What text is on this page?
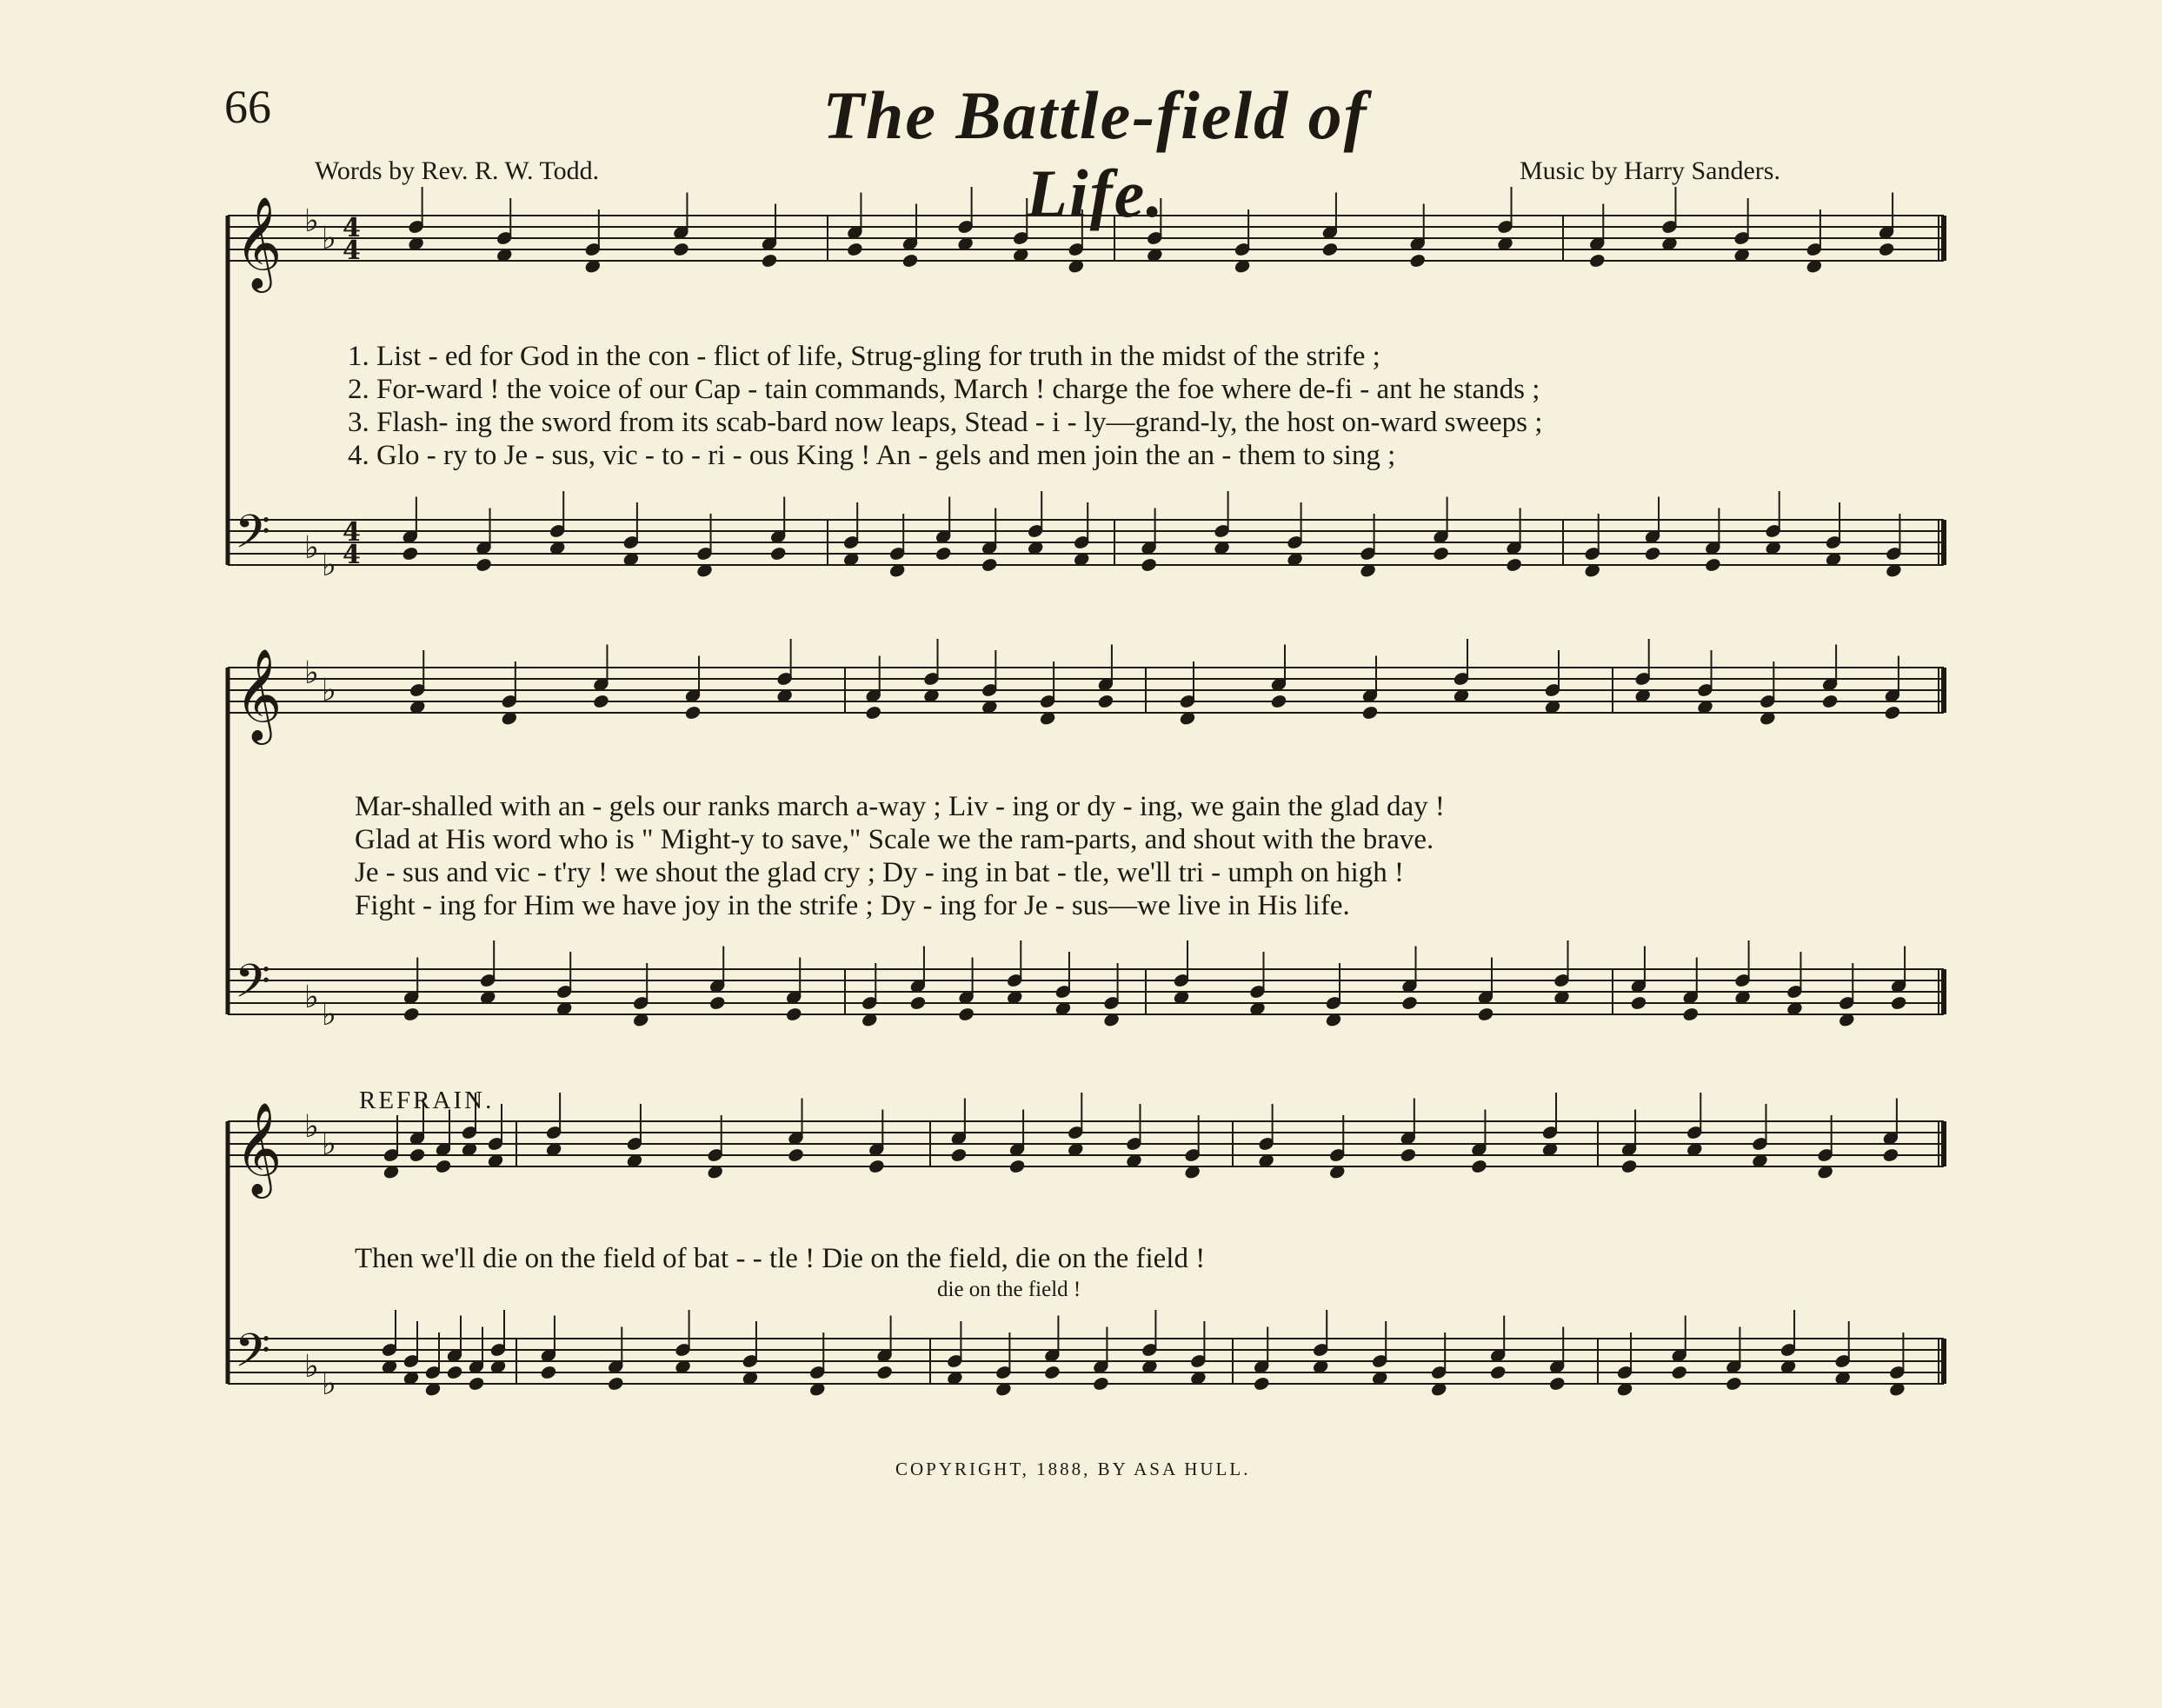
66	The Battle-field of Life.
Words by Rev. R. W. Todd.	Music by Harry Sanders.
𝄞 ♭ ♭ 4
4
𝄢 ♭ ♭
4
4
𝄞 ♭ ♭
𝄢 ♭ ♭
𝄞 ♭ ♭
𝄢 ♭ ♭
1. List - ed for God in the con - flict of life, Strug-gling for truth in the midst of the strife ;
2. For-ward ! the voice of our Cap - tain commands, March ! charge the foe where de-fi - ant he stands ;
3. Flash- ing the sword from its scab-bard now leaps, Stead - i - ly—grand-ly, the host on-ward sweeps ;
4. Glo - ry to Je - sus, vic - to - ri - ous King ! An - gels and men join the an - them to sing ;
Mar-shalled with an - gels our ranks march a-way ; Liv - ing or dy - ing, we gain the glad day !
Glad at His word who is " Might-y to save," Scale we the ram-parts, and shout with the brave.
Je - sus and vic - t'ry ! we shout the glad cry ; Dy - ing in bat - tle, we'll tri - umph on high !
Fight - ing for Him we have joy in the strife ; Dy - ing for Je - sus—we live in His life.
REFRAIN.
Then we'll die on the field of bat - - tle ! Die on the field, die on the field !
die on the field !
COPYRIGHT, 1888, BY ASA HULL.
